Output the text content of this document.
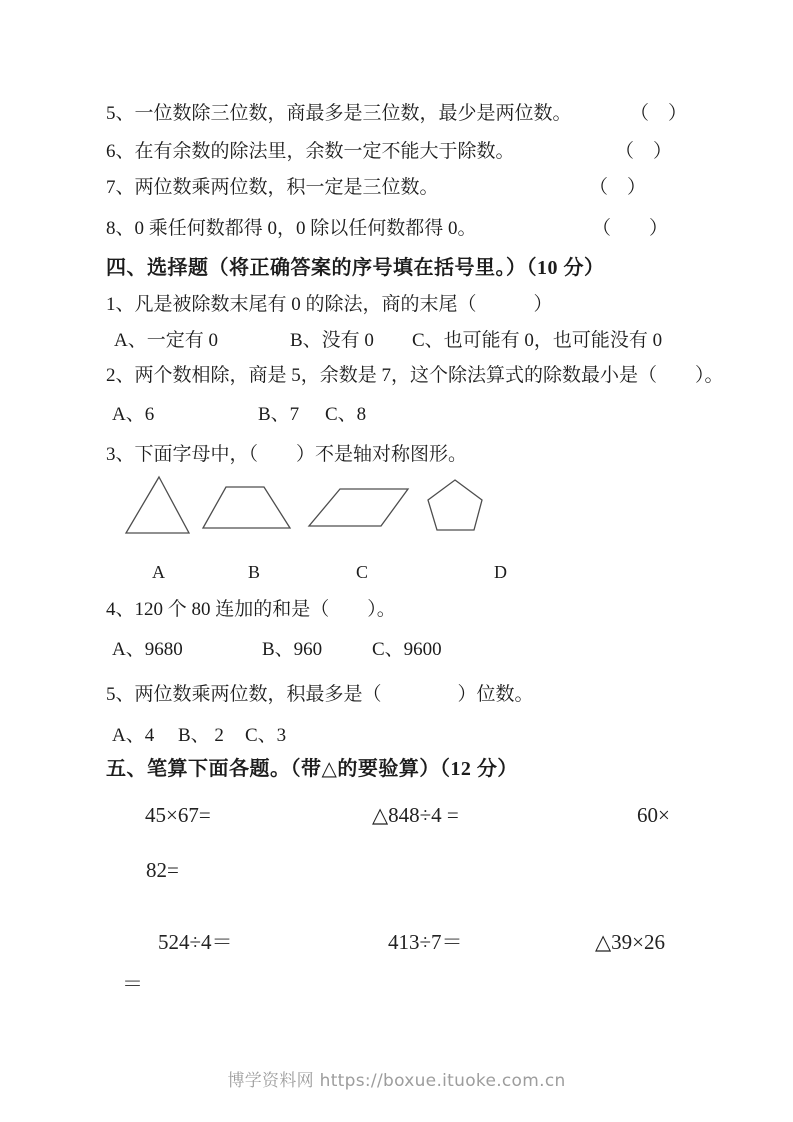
5、一位数除三位数，商最多是三位数，最少是两位数。	（　）
6、在有余数的除法里，余数一定不能大于除数。	（　）
7、两位数乘两位数，积一定是三位数。	（　）
8、0 乘任何数都得 0，0 除以任何数都得 0。	（　　）
四、选择题（将正确答案的序号填在括号里。）（10 分）
1、凡是被除数末尾有 0 的除法，商的末尾（　　　）
A、一定有 0	B、没有 0 C、也可能有 0，也可能没有 0
2、两个数相除，商是 5，余数是 7，这个除法算式的除数最小是（　　）。
A、6	B、7 C、8
3、下面字母中，（　　）不是轴对称图形。
A	B	C	D
4、120 个 80 连加的和是（　　）。
A、9680	B、960	C、9600
5、两位数乘两位数，积最多是（　　　　）位数。
A、4 B、 2 C、3
五、笔算下面各题。（带△的要验算）（12 分）
45×67=	△848÷4 =	60×
82=
524÷4＝	413÷7＝	△39×26
＝
博学资料网 https://boxue.ituoke.com.cn
